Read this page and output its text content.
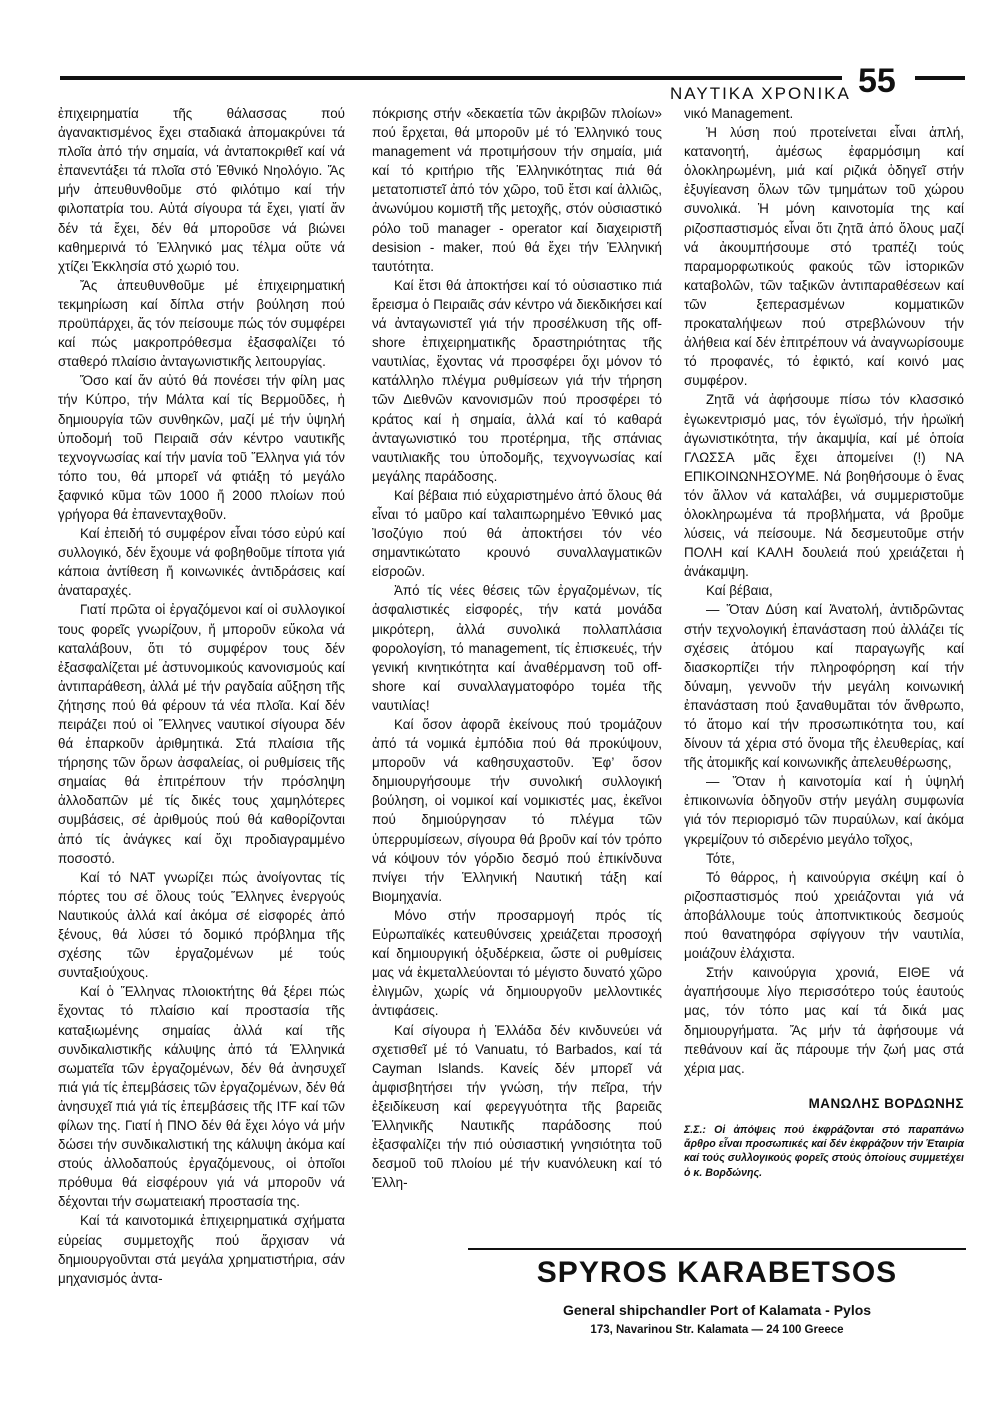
ΝΑΥΤΙΚΑ ΧΡΟΝΙΚΑ 55

ἐπιχειρηματία τῆς θάλασσας πού ἀγανακτισμένος ἔχει σταδιακά ἀπομακρύνει τά πλοῖα ἀπό τήν σημαία, νά ἀνταποκριθεῖ καί νά ἐπανεντάξει τά πλοῖα στό Ἐθνικό Νηολόγιο. Ἄς μήν ἀπευθυνθοῦμε στό φιλότιμο καί τήν φιλοπατρία του. Αὐτά σίγουρα τά ἔχει, γιατί ἄν δέν τά ἔχει, δέν θά μποροῦσε νά βιώνει καθημερινά τό Ἑλληνικό μας τέλμα οὔτε νά χτίζει Ἐκκλησία στό χωριό του.

Ἄς ἀπευθυνθοῦμε μέ ἐπιχειρηματική τεκμηρίωση καί δίπλα στήν βούληση πού προϋπάρχει, ἄς τόν πείσουμε πώς τόν συμφέρει καί πώς μακροπρόθεσμα ἐξασφαλίζει τό σταθερό πλαίσιο ἀνταγωνιστικῆς λειτουργίας.

Ὅσο καί ἄν αὐτό θά πονέσει τήν φίλη μας τήν Κύπρο, τήν Μάλτα καί τίς Βερμοῦδες, ἡ δημιουργία τῶν συνθηκῶν, μαζί μέ τήν ὑψηλή ὑποδομή τοῦ Πειραιᾶ σάν κέντρο ναυτικῆς τεχνογνωσίας καί τήν μανία τοῦ Ἕλληνα γιά τόν τόπο του, θά μπορεῖ νά φτιάξη τό μεγάλο ξαφνικό κῦμα τῶν 1000 ἤ 2000 πλοίων πού γρήγορα θά ἐπανενταχθοῦν.

Καί ἐπειδή τό συμφέρον εἶναι τόσο εὐρύ καί συλλογικό, δέν ἔχουμε νά φοβηθοῦμε τίποτα γιά κάποια ἀντίθεση ἤ κοινωνικές ἀντιδράσεις καί ἀναταραχές.

Γιατί πρῶτα οἱ ἐργαζόμενοι καί οἱ συλλογικοί τους φορεῖς γνωρίζουν, ἤ μποροῦν εὔκολα νά καταλάβουν, ὅτι τό συμφέρον τους δέν ἐξασφαλίζεται μέ ἀστυνομικούς κανονισμούς καί ἀντιπαράθεση, ἀλλά μέ τήν ραγδαία αὔξηση τῆς ζήτησης πού θά φέρουν τά νέα πλοῖα. Καί δέν πειράζει πού οἱ Ἕλληνες ναυτικοί σίγουρα δέν θά ἐπαρκοῦν ἀριθμητικά. Στά πλαίσια τῆς τήρησης τῶν ὅρων ἀσφαλείας, οἱ ρυθμίσεις τῆς σημαίας θά ἐπιτρέπουν τήν πρόσληψη ἀλλοδαπῶν μέ τίς δικές τους χαμηλότερες συμβάσεις, σέ ἀριθμούς πού θά καθορίζονται ἀπό τίς ἀνάγκες καί ὄχι προδιαγραμμένο ποσοστό.

Καί τό ΝΑΤ γνωρίζει πώς ἀνοίγοντας τίς πόρτες του σέ ὅλους τούς Ἕλληνες ἐνεργούς Ναυτικούς ἀλλά καί ἀκόμα σέ εἰσφορές ἀπό ξένους, θά λύσει τό δομικό πρόβλημα τῆς σχέσης τῶν ἐργαζομένων μέ τούς συνταξιούχους.

Καί ὁ Ἕλληνας πλοιοκτήτης θά ξέρει πώς ἔχοντας τό πλαίσιο καί προστασία τῆς καταξιωμένης σημαίας ἀλλά καί τῆς συνδικαλιστικῆς κάλυψης ἀπό τά Ἑλληνικά σωματεῖα τῶν ἐργαζομένων, δέν θά ἀνησυχεῖ πιά γιά τίς ἐπεμβάσεις τῶν ἐργαζομένων, δέν θά ἀνησυχεῖ πιά γιά τίς ἐπεμβάσεις τῆς ITF καί τῶν φίλων της. Γιατί ἡ ΠΝΟ δέν θά ἔχει λόγο νά μήν δώσει τήν συνδικαλιστική της κάλυψη ἀκόμα καί στούς ἀλλοδαπούς ἐργαζόμενους, οἱ ὁποῖοι πρόθυμα θά εἰσφέρουν γιά νά μποροῦν νά δέχονται τήν σωματειακή προστασία της.

Καί τά καινοτομικά ἐπιχειρηματικά σχήματα εὐρείας συμμετοχῆς πού ἄρχισαν νά δημιουργοῦνται στά μεγάλα χρηματιστήρια, σάν μηχανισμός ἀντα-

πόκρισης στήν «δεκαετία τῶν ἀκριβῶν πλοίων» πού ἔρχεται, θά μποροῦν μέ τό Ἑλληνικό τους management νά προτιμήσουν τήν σημαία, μιά καί τό κριτήριο τῆς Ἑλληνικότητας πιά θά μετατοπιστεῖ ἀπό τόν χῶρο, τοῦ ἔτσι καί ἀλλιῶς, ἀνωνύμου κομιστῆ τῆς μετοχῆς, στόν οὐσιαστικό ρόλο τοῦ manager - operator καί διαχειριστῆ desision - maker, πού θά ἔχει τήν Ἑλληνική ταυτότητα.

Καί ἔτσι θά ἀποκτήσει καί τό οὐσιαστικο πιά ἔρεισμα ὁ Πειραιᾶς σάν κέντρο νά διεκδικήσει καί νά ἀνταγωνιστεῖ γιά τήν προσέλκυση τῆς off-shore ἐπιχειρηματικῆς δραστηριότητας τῆς ναυτιλίας, ἔχοντας νά προσφέρει ὄχι μόνον τό κατάλληλο πλέγμα ρυθμίσεων γιά τήν τήρηση τῶν Διεθνῶν κανονισμῶν πού προσφέρει τό κράτος καί ἡ σημαία, ἀλλά καί τό καθαρά ἀνταγωνιστικό του προτέρημα, τῆς σπάνιας ναυτιλιακῆς του ὑποδομῆς, τεχνογνωσίας καί μεγάλης παράδοσης.

Καί βέβαια πιό εὐχαριστημένο ἀπό ὅλους θά εἶναι τό μαῦρο καί ταλαιπωρημένο Ἐθνικό μας Ἰσοζύγιο πού θά ἀποκτήσει τόν νέο σημαντικώτατο κρουνό συναλλαγματικῶν εἰσροῶν.

Ἀπό τίς νέες θέσεις τῶν ἐργαζομένων, τίς ἀσφαλιστικές εἰσφορές, τήν κατά μονάδα μικρότερη, ἀλλά συνολικά πολλαπλάσια φορολογίση, τό management, τίς ἐπισκευές, τήν γενική κινητικότητα καί ἀναθέρμανση τοῦ off-shore καί συναλλαγματοφόρο τομέα τῆς ναυτιλίας!

Καί ὅσον ἀφορᾶ ἐκείνους πού τρομάζουν ἀπό τά νομικά ἐμπόδια πού θά προκύψουν, μποροῦν νά καθησυχαστοῦν. Ἐφ’ ὅσον δημιουργήσουμε τήν συνολική συλλογική βούληση, οἱ νομικοί καί νομικιστές μας, ἐκεῖνοι πού δημιούργησαν τό πλέγμα τῶν ὑπερρυμίσεων, σίγουρα θά βροῦν καί τόν τρόπο νά κόψουν τόν γόρδιο δεσμό πού ἐπικίνδυνα πνίγει τήν Ἑλληνική Ναυτική τάξη καί Βιομηχανία.

Μόνο στήν προσαρμογή πρός τίς Εὐρωπαϊκές κατευθύνσεις χρειάζεται προσοχή καί δημιουργική ὀξυδέρκεια, ὥστε οἱ ρυθμίσεις μας νά ἐκμεταλλεύονται τό μέγιστο δυνατό χῶρο ἐλιγμῶν, χωρίς νά δημιουργοῦν μελλοντικές ἀντιφάσεις.

Καί σίγουρα ἡ Ἑλλάδα δέν κινδυνεύει νά σχετισθεῖ μέ τό Vanuatu, τό Barbados, καί τά Cayman Islands. Κανείς δέν μπορεῖ νά ἀμφισβητήσει τήν γνώση, τήν πεῖρα, τήν ἐξειδίκευση καί φερεγγυότητα τῆς βαρειᾶς Ἑλληνικῆς Ναυτικῆς παράδοσης πού ἐξασφαλίζει τήν πιό οὐσιαστική γνησιότητα τοῦ δεσμοῦ τοῦ πλοίου μέ τήν κυανόλευκη καί τό Ἑλλη-

νικό Management.

Ἡ λύση πού προτείνεται εἶναι ἁπλή, κατανοητή, ἀμέσως ἐφαρμόσιμη καί ὁλοκληρωμένη, μιά καί ριζικά ὁδηγεῖ στήν ἐξυγίεανση ὅλων τῶν τμημάτων τοῦ χώρου συνολικά. Ἡ μόνη καινοτομία της καί ριζοσπαστισμός εἶναι ὅτι ζητᾶ ἀπό ὅλους μαζί νά ἀκουμπήσουμε στό τραπέζι τούς παραμορφωτικούς φακούς τῶν ἱστορικῶν καταβολῶν, τῶν ταξικῶν ἀντιπαραθέσεων καί τῶν ξεπερασμένων κομματικῶν προκαταλήψεων πού στρεβλώνουν τήν ἀλήθεια καί δέν ἐπιτρέπουν νά ἀναγνωρίσουμε τό προφανές, τό ἐφικτό, καί κοινό μας συμφέρον.

Ζητᾶ νά ἀφήσουμε πίσω τόν κλασσικό ἐγωκεντρισμό μας, τόν ἐγωϊσμό, τήν ἡρωϊκή ἀγωνιστικότητα, τήν ἀκαμψία, καί μέ ὁποία ΓΛΩΣΣΑ μᾶς ἔχει ἀπομείνει (!) ΝΑ ΕΠΙΚΟΙΝΩΝΗΣΟΥΜΕ. Νά βοηθήσουμε ὁ ἕνας τόν ἄλλον νά καταλάβει, νά συμμεριστοῦμε ὁλοκληρωμένα τά προβλήματα, νά βροῦμε λύσεις, νά πείσουμε. Νά δεσμευτοῦμε στήν ΠΟΛΗ καί ΚΑΛΗ δουλειά πού χρειάζεται ἡ ἀνάκαμψη.

Καί βέβαια,

— Ὅταν Δύση καί Ἀνατολή, ἀντιδρῶντας στήν τεχνολογική ἐπανάσταση πού ἀλλάζει τίς σχέσεις ἀτόμου καί παραγωγῆς καί διασκορπίζει τήν πληροφόρηση καί τήν δύναμη, γεννοῦν τήν μεγάλη κοινωνική ἐπανάσταση πού ξαναθυμᾶται τόν ἄνθρωπο, τό ἄτομο καί τήν προσωπικότητα του, καί δίνουν τά χέρια στό ὄνομα τῆς ἐλευθερίας, καί τῆς ἀτομικῆς καί κοινωνικῆς ἀπελευθέρωσης,

— Ὅταν ἡ καινοτομία καί ἡ ὑψηλή ἐπικοινωνία ὁδηγοῦν στήν μεγάλη συμφωνία γιά τόν περιορισμό τῶν πυραύλων, καί ἀκόμα γκρεμίζουν τό σιδερένιο μεγάλο τοῖχος,

Τότε,

Τό θάρρος, ἡ καινούργια σκέψη καί ὁ ριζοσπαστισμός πού χρειάζονται γιά νά ἀποβάλλουμε τούς ἀποπνικτικούς δεσμούς πού θανατηφόρα σφίγγουν τήν ναυτιλία, μοιάζουν ἐλάχιστα.

Στήν καινούργια χρονιά, ΕΙΘΕ νά ἀγαπήσουμε λίγο περισσότερο τούς ἑαυτούς μας, τόν τόπο μας καί τά δικά μας δημιουργήματα. Ἄς μήν τά ἀφήσουμε νά πεθάνουν καί ἄς πάρουμε τήν ζωή μας στά χέρια μας.

ΜΑΝΩΛΗΣ ΒΟΡΔΩΝΗΣ

Σ.Σ.: Οἱ ἀπόψεις πού ἐκφράζονται στό παραπάνω ἄρθρο εἶναι προσωπικές καί δέν ἐκφράζουν τήν Ἑταιρία καί τούς συλλογικούς φορεῖς στούς ὁποίους συμμετέχει ὁ κ. Βορδώνης.

SPYROS KARABETSOS
General shipchandler Port of Kalamata - Pylos
173, Navarinou Str. Kalamata — 24 100 Greece
